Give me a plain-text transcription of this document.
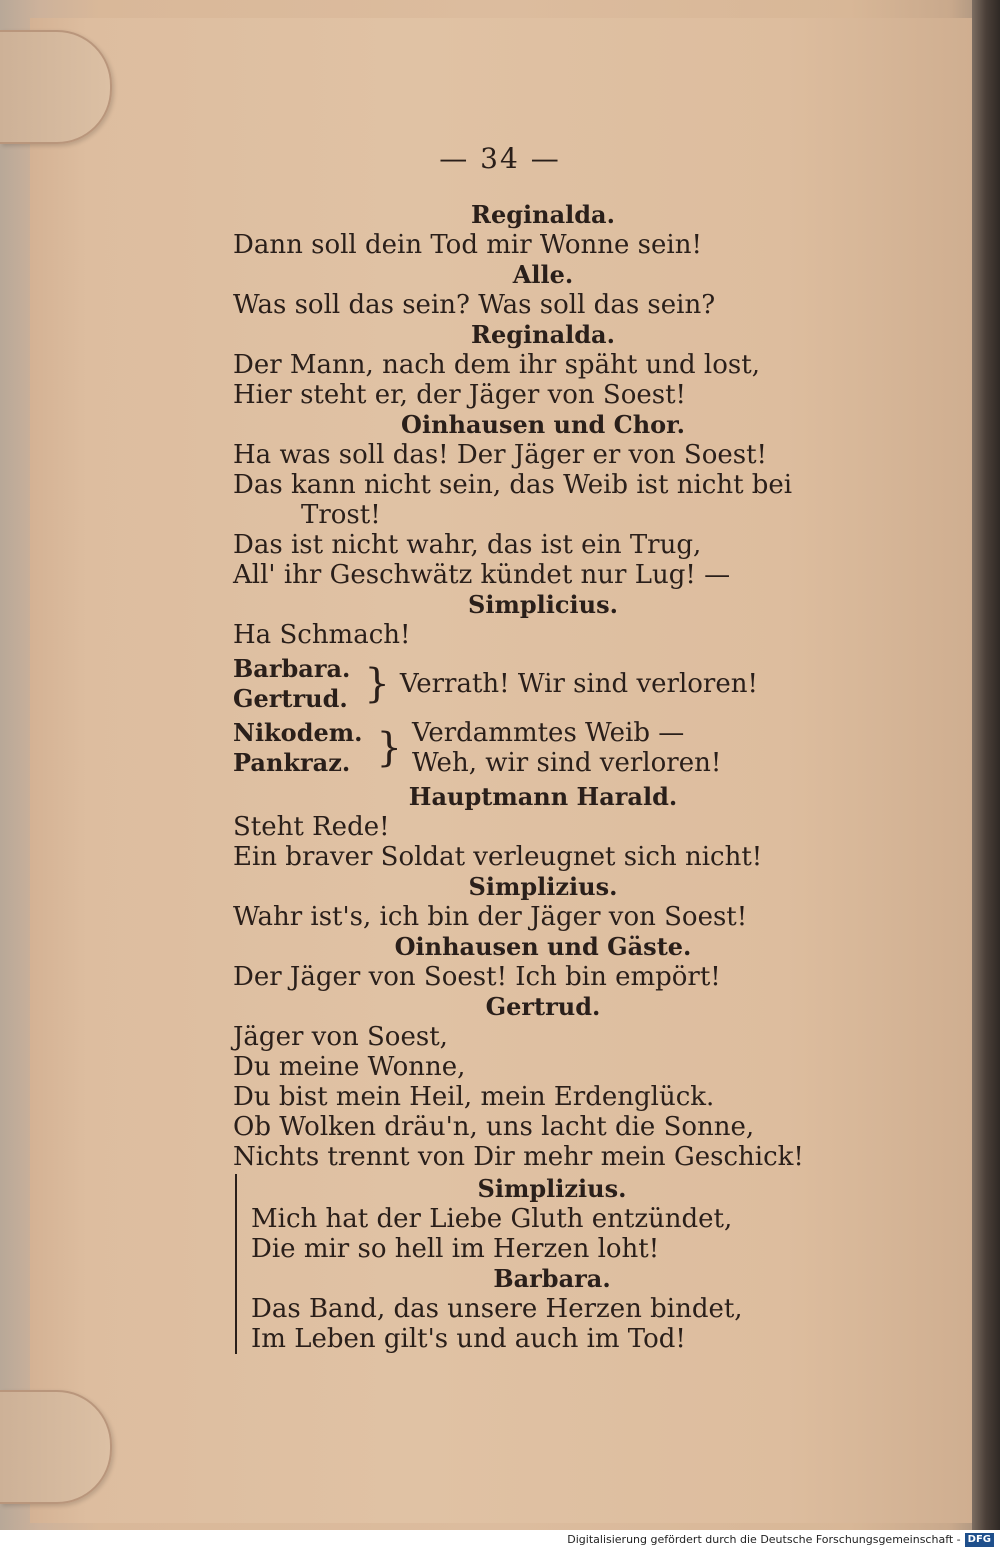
— 34 —
Reginalda.
Dann soll dein Tod mir Wonne sein!
Alle.
Was soll das sein? Was soll das sein?
Reginalda.
Der Mann, nach dem ihr späht und lost,
Hier steht er, der Jäger von Soest!
Oinhausen und Chor.
Ha was soll das! Der Jäger er von Soest!
Das kann nicht sein, das Weib ist nicht bei
Trost!
Das ist nicht wahr, das ist ein Trug,
All' ihr Geschwätz kündet nur Lug! —
Simplicius.
Ha Schmach!
Barbara.
Gertrud. } Verrath! Wir sind verloren!
Nikodem.
Pankraz. } Verdammtes Weib —
Weh, wir sind verloren!
Hauptmann Harald.
Steht Rede!
Ein braver Soldat verleugnet sich nicht!
Simplizius.
Wahr ist's, ich bin der Jäger von Soest!
Oinhausen und Gäste.
Der Jäger von Soest! Ich bin empört!
Gertrud.
Jäger von Soest,
Du meine Wonne,
Du bist mein Heil, mein Erdenglück.
Ob Wolken dräu'n, uns lacht die Sonne,
Nichts trennt von Dir mehr mein Geschick!
Simplizius.
Mich hat der Liebe Gluth entzündet,
Die mir so hell im Herzen loht!
Barbara.
Das Band, das unsere Herzen bindet,
Im Leben gilt's und auch im Tod!
Digitalisierung gefördert durch die Deutsche Forschungsgemeinschaft - DFG
